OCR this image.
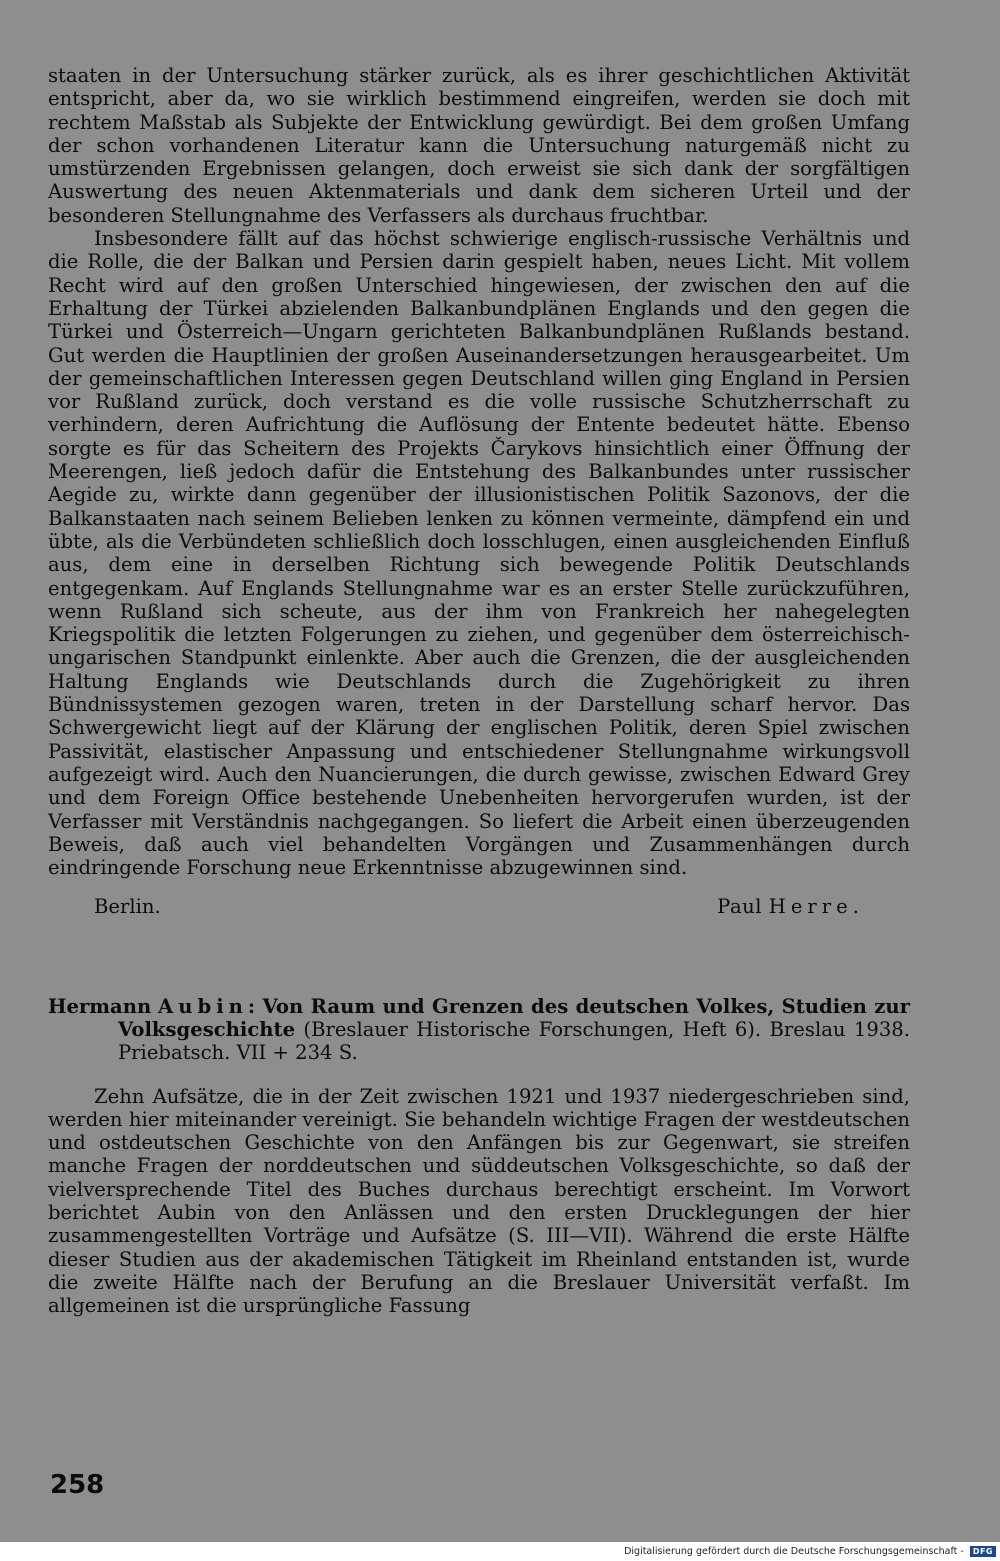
staaten in der Untersuchung stärker zurück, als es ihrer geschichtlichen Aktivität entspricht, aber da, wo sie wirklich bestimmend eingreifen, werden sie doch mit rechtem Maßstab als Subjekte der Entwicklung gewürdigt. Bei dem großen Umfang der schon vorhandenen Literatur kann die Untersuchung naturgemäß nicht zu umstürzenden Ergebnissen gelangen, doch erweist sie sich dank der sorgfältigen Auswertung des neuen Aktenmaterials und dank dem sicheren Urteil und der besonderen Stellungnahme des Verfassers als durchaus fruchtbar.

Insbesondere fällt auf das höchst schwierige englisch-russische Verhältnis und die Rolle, die der Balkan und Persien darin gespielt haben, neues Licht. Mit vollem Recht wird auf den großen Unterschied hingewiesen, der zwischen den auf die Erhaltung der Türkei abzielenden Balkanbundplänen Englands und den gegen die Türkei und Österreich—Ungarn gerichteten Balkanbundplänen Rußlands bestand. Gut werden die Hauptlinien der großen Auseinandersetzungen herausgearbeitet. Um der gemeinschaftlichen Interessen gegen Deutschland willen ging England in Persien vor Rußland zurück, doch verstand es die volle russische Schutzherrschaft zu verhindern, deren Aufrichtung die Auflösung der Entente bedeutet hätte. Ebenso sorgte es für das Scheitern des Projekts Čarykovs hinsichtlich einer Öffnung der Meerengen, ließ jedoch dafür die Entstehung des Balkanbundes unter russischer Aegide zu, wirkte dann gegenüber der illusionistischen Politik Sazonovs, der die Balkanstaaten nach seinem Belieben lenken zu können vermeinte, dämpfend ein und übte, als die Verbündeten schließlich doch losschlugen, einen ausgleichenden Einfluß aus, dem eine in derselben Richtung sich bewegende Politik Deutschlands entgegenkam. Auf Englands Stellungnahme war es an erster Stelle zurückzuführen, wenn Rußland sich scheute, aus der ihm von Frankreich her nahegelegten Kriegspolitik die letzten Folgerungen zu ziehen, und gegenüber dem österreichisch-ungarischen Standpunkt einlenkte. Aber auch die Grenzen, die der ausgleichenden Haltung Englands wie Deutschlands durch die Zugehörigkeit zu ihren Bündnissystemen gezogen waren, treten in der Darstellung scharf hervor. Das Schwergewicht liegt auf der Klärung der englischen Politik, deren Spiel zwischen Passivität, elastischer Anpassung und entschiedener Stellungnahme wirkungsvoll aufgezeigt wird. Auch den Nuancierungen, die durch gewisse, zwischen Edward Grey und dem Foreign Office bestehende Unebenheiten hervorgerufen wurden, ist der Verfasser mit Verständnis nachgegangen. So liefert die Arbeit einen überzeugenden Beweis, daß auch viel behandelten Vorgängen und Zusammenhängen durch eindringende Forschung neue Erkenntnisse abzugewinnen sind.

Berlin.	Paul Herre.

Hermann Aubin: Von Raum und Grenzen des deutschen Volkes, Studien zur Volksgeschichte (Breslauer Historische Forschungen, Heft 6). Breslau 1938. Priebatsch. VII + 234 S.

Zehn Aufsätze, die in der Zeit zwischen 1921 und 1937 niedergeschrieben sind, werden hier miteinander vereinigt. Sie behandeln wichtige Fragen der westdeutschen und ostdeutschen Geschichte von den Anfängen bis zur Gegenwart, sie streifen manche Fragen der norddeutschen und süddeutschen Volksgeschichte, so daß der vielversprechende Titel des Buches durchaus berechtigt erscheint. Im Vorwort berichtet Aubin von den Anlässen und den ersten Drucklegungen der hier zusammengestellten Vorträge und Aufsätze (S. III—VII). Während die erste Hälfte dieser Studien aus der akademischen Tätigkeit im Rheinland entstanden ist, wurde die zweite Hälfte nach der Berufung an die Breslauer Universität verfaßt. Im allgemeinen ist die ursprüngliche Fassung

258
Digitalisierung gefördert durch die Deutsche Forschungsgemeinschaft -	DFG
